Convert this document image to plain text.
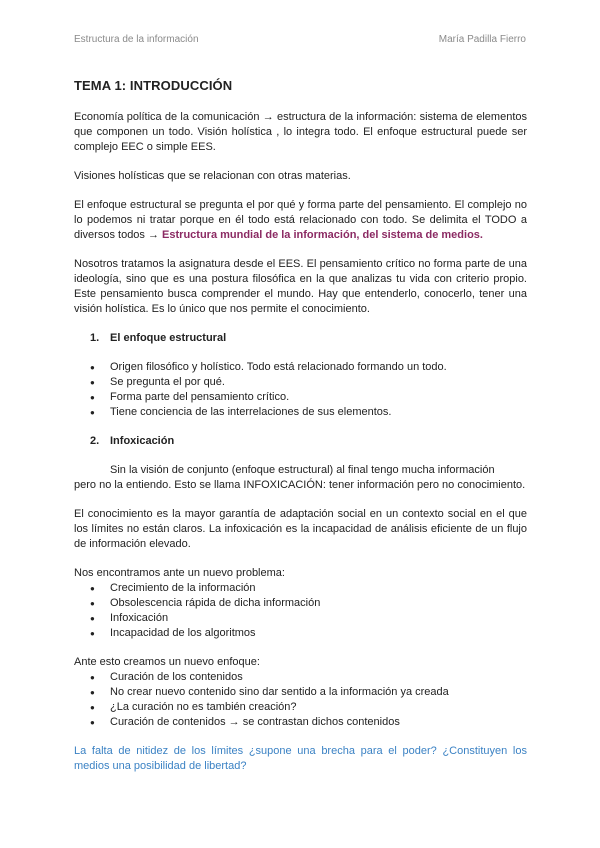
Estructura de la información	María Padilla Fierro

TEMA 1: INTRODUCCIÓN

Economía política de la comunicación → estructura de la información: sistema de elementos que componen un todo. Visión holística , lo integra todo. El enfoque estructural puede ser complejo EEC o simple EES.

Visiones holísticas que se relacionan con otras materias.

El enfoque estructural se pregunta el por qué y forma parte del pensamiento. El complejo no lo podemos ni tratar porque en él todo está relacionado con todo. Se delimita el TODO a diversos todos → Estructura mundial de la información, del sistema de medios.

Nosotros tratamos la asignatura desde el EES. El pensamiento crítico no forma parte de una ideología, sino que es una postura filosófica en la que analizas tu vida con criterio propio. Este pensamiento busca comprender el mundo. Hay que entenderlo, conocerlo, tener una visión holística. Es lo único que nos permite el conocimiento.

1. El enfoque estructural

● Origen filosófico y holístico. Todo está relacionado formando un todo.
● Se pregunta el por qué.
● Forma parte del pensamiento crítico.
● Tiene conciencia de las interrelaciones de sus elementos.

2. Infoxicación

Sin la visión de conjunto (enfoque estructural) al final tengo mucha información

pero no la entiendo. Esto se llama INFOXICACIÓN: tener información pero no conocimiento.

El conocimiento es la mayor garantía de adaptación social en un contexto social en el que los límites no están claros. La infoxicación es la incapacidad de análisis eficiente de un flujo de información elevado.

Nos encontramos ante un nuevo problema:

● Crecimiento de la información
● Obsolescencia rápida de dicha información
● Infoxicación
● Incapacidad de los algoritmos

Ante esto creamos un nuevo enfoque:

● Curación de los contenidos
● No crear nuevo contenido sino dar sentido a la información ya creada
● ¿La curación no es también creación?
● Curación de contenidos → se contrastan dichos contenidos

La falta de nitidez de los límites ¿supone una brecha para el poder? ¿Constituyen los medios una posibilidad de libertad?
